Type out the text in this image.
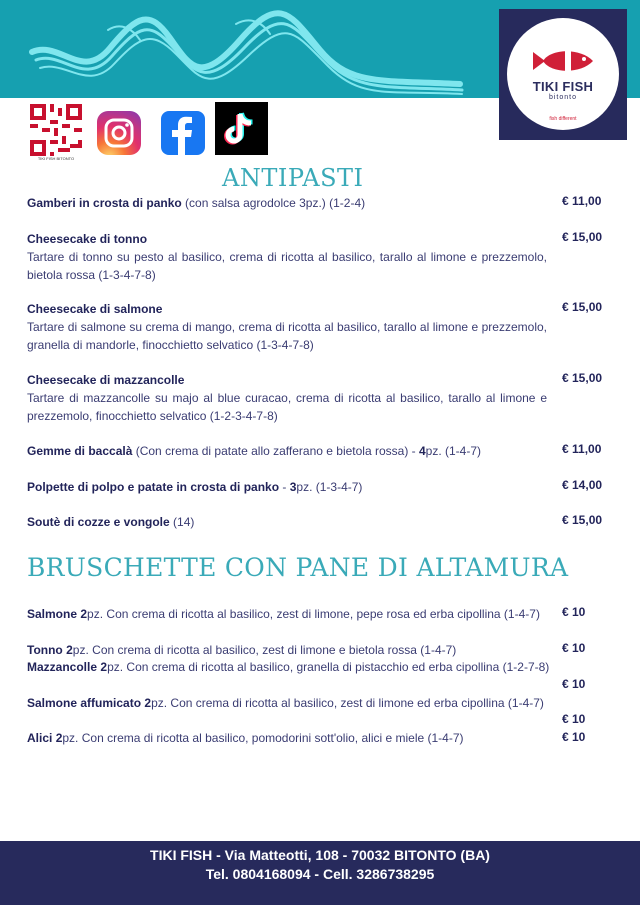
TIKI FISH
bitonto
fish different
TIKI FISH BITONTO
ANTIPASTI
Gamberi in crosta di panko (con salsa agrodolce 3pz.) (1-2-4)	€ 11,00
Cheesecake di tonno
Tartare di tonno su pesto al basilico, crema di ricotta al basilico, tarallo al limone e prezzemolo, bietola rossa (1-3-4-7-8)
€ 15,00
Cheesecake di salmone
Tartare di salmone su crema di mango, crema di ricotta al basilico, tarallo al limone e prezzemolo, granella di mandorle, finocchietto selvatico (1-3-4-7-8)
€ 15,00
Cheesecake di mazzancolle
Tartare di mazzancolle su majo al blue curacao, crema di ricotta al basilico, tarallo al limone e prezzemolo, finocchietto selvatico (1-2-3-4-7-8)
€ 15,00
Gemme di baccalà (Con crema di patate allo zafferano e bietola rossa) - 4pz. (1-4-7)	€ 11,00
Polpette di polpo e patate in crosta di panko - 3pz. (1-3-4-7)	€ 14,00
Soutè di cozze e vongole (14)	€ 15,00
BRUSCHETTE CON PANE DI ALTAMURA
Salmone 2pz. Con crema di ricotta al basilico, zest di limone, pepe rosa ed erba cipollina (1-4-7)	€ 10
Tonno 2pz. Con crema di ricotta al basilico, zest di limone e bietola rossa (1-4-7)	€ 10
Mazzancolle 2pz. Con crema di ricotta al basilico, granella di pistacchio ed erba cipollina (1-2-7-8)
€ 10
Salmone affumicato 2pz. Con crema di ricotta al basilico, zest di limone ed erba cipollina (1-4-7)
€ 10
Alici 2pz. Con crema di ricotta al basilico, pomodorini sott'olio, alici e miele (1-4-7)	€ 10
TIKI FISH - Via Matteotti, 108 - 70032 BITONTO (BA)
Tel. 0804168094 - Cell. 3286738295
